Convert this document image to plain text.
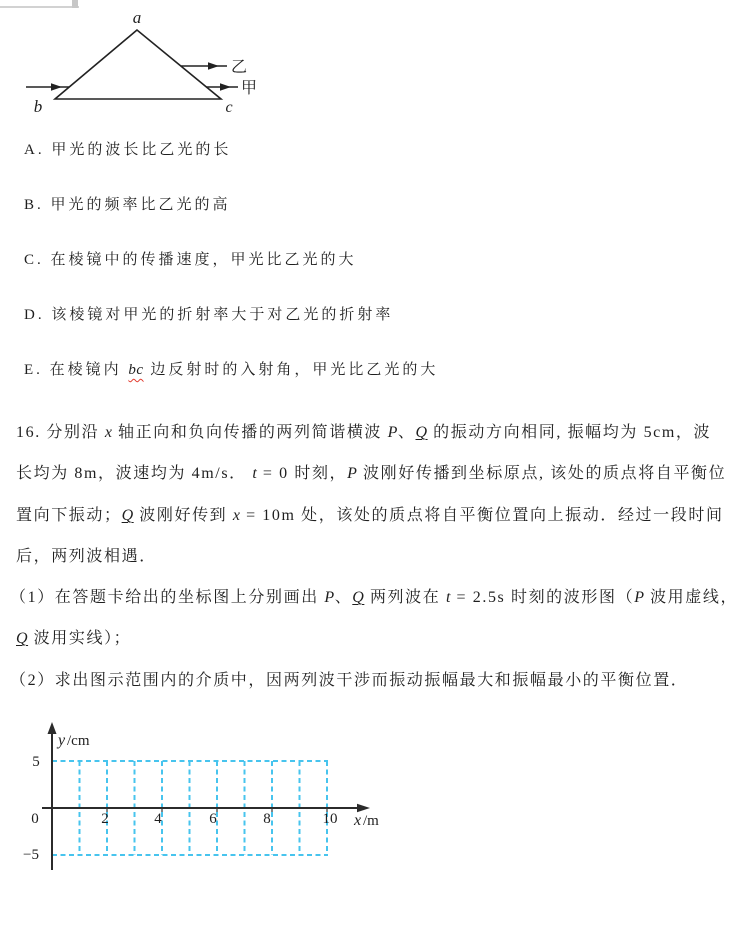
a
b	c
乙
甲
A. 甲光的波长比乙光的长
B. 甲光的频率比乙光的高
C. 在棱镜中的传播速度，甲光比乙光的大
D. 该棱镜对甲光的折射率大于对乙光的折射率
E. 在棱镜内 bc 边反射时的入射角，甲光比乙光的大
16. 分别沿 x 轴正向和负向传播的两列简谐横波 P、Q 的振动方向相同, 振幅均为 5cm，波
长均为 8m，波速均为 4m/s． t = 0 时刻，P 波刚好传播到坐标原点, 该处的质点将自平衡位
置向下振动；Q 波刚好传到 x = 10m 处，该处的质点将自平衡位置向上振动．经过一段时间
后，两列波相遇．
（1）在答题卡给出的坐标图上分别画出 P、Q 两列波在 t = 2.5s 时刻的波形图（P 波用虚线，
Q 波用实线）；
（2）求出图示范围内的介质中，因两列波干涉而振动振幅最大和振幅最小的平衡位置．
y /cm
x /m
5
0
−5
2	4	6	8	10
